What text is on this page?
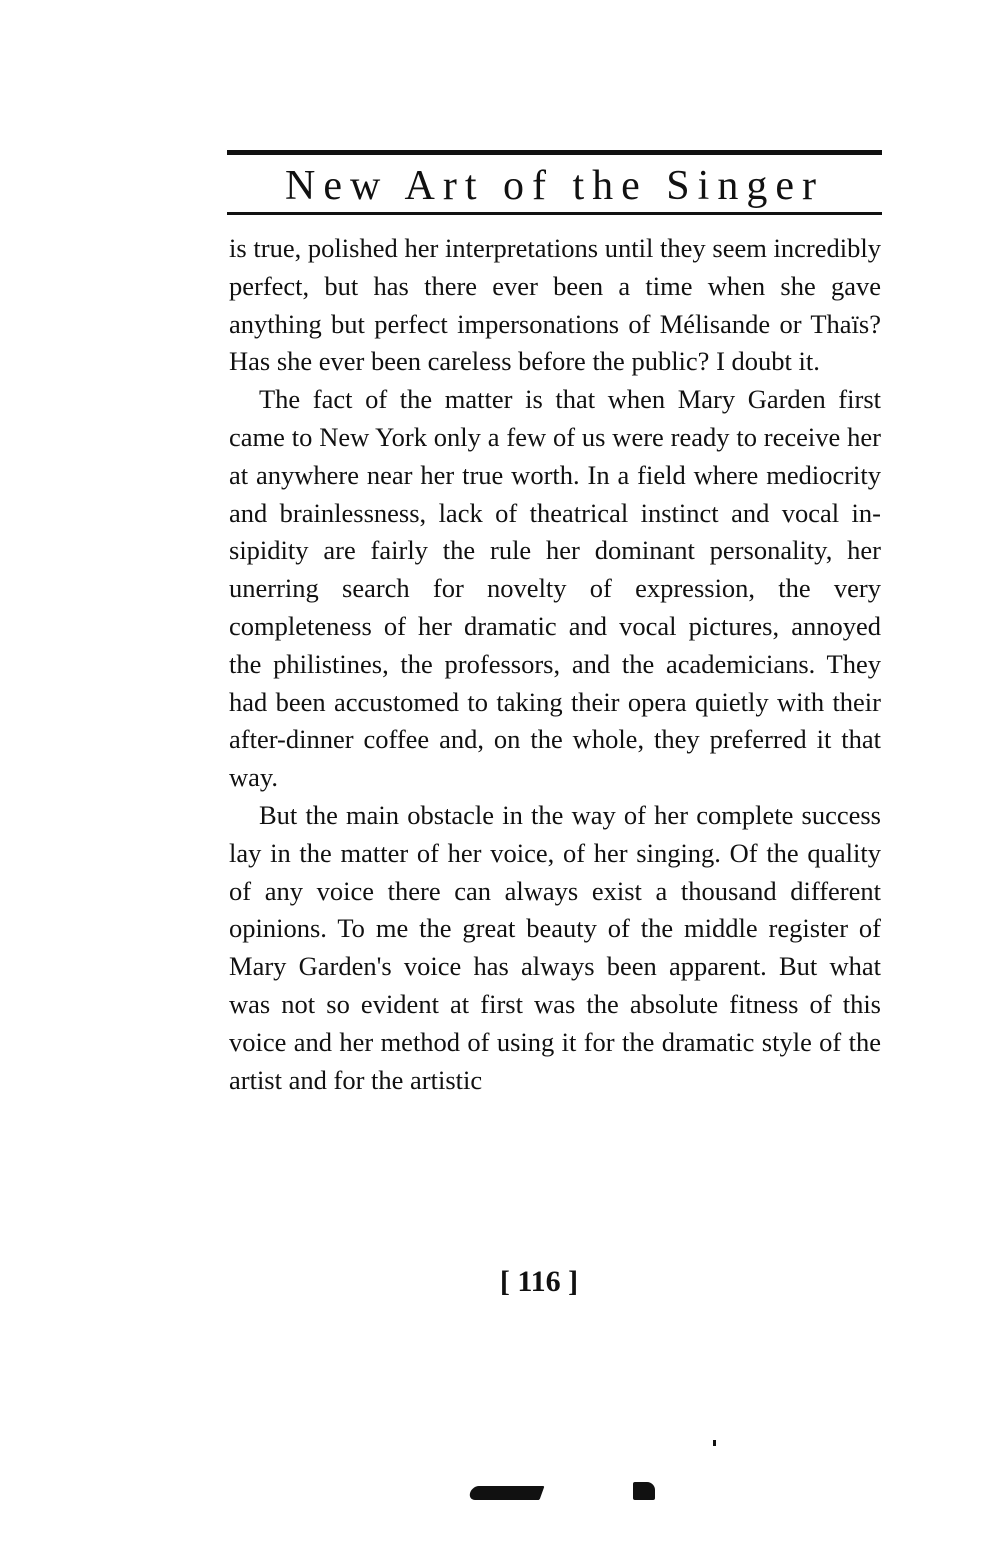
New Art of the Singer

is true, polished her interpretations until they seem incredibly perfect, but has there ever been a time when she gave anything but perfect impersonations of Mélisande or Thaïs? Has she ever been careless before the public? I doubt it.

The fact of the matter is that when Mary Garden first came to New York only a few of us were ready to receive her at anywhere near her true worth. In a field where mediocrity and brainlessness, lack of theatrical instinct and vocal insipidity are fairly the rule her dominant personality, her unerring search for novelty of expression, the very completeness of her dramatic and vocal pictures, annoyed the philistines, the professors, and the academicians. They had been accustomed to taking their opera quietly with their after-dinner coffee and, on the whole, they preferred it that way.

But the main obstacle in the way of her complete success lay in the matter of her voice, of her singing. Of the quality of any voice there can always exist a thousand different opinions. To me the great beauty of the middle register of Mary Garden's voice has always been apparent. But what was not so evident at first was the absolute fitness of this voice and her method of using it for the dramatic style of the artist and for the artistic

[ 116 ]
